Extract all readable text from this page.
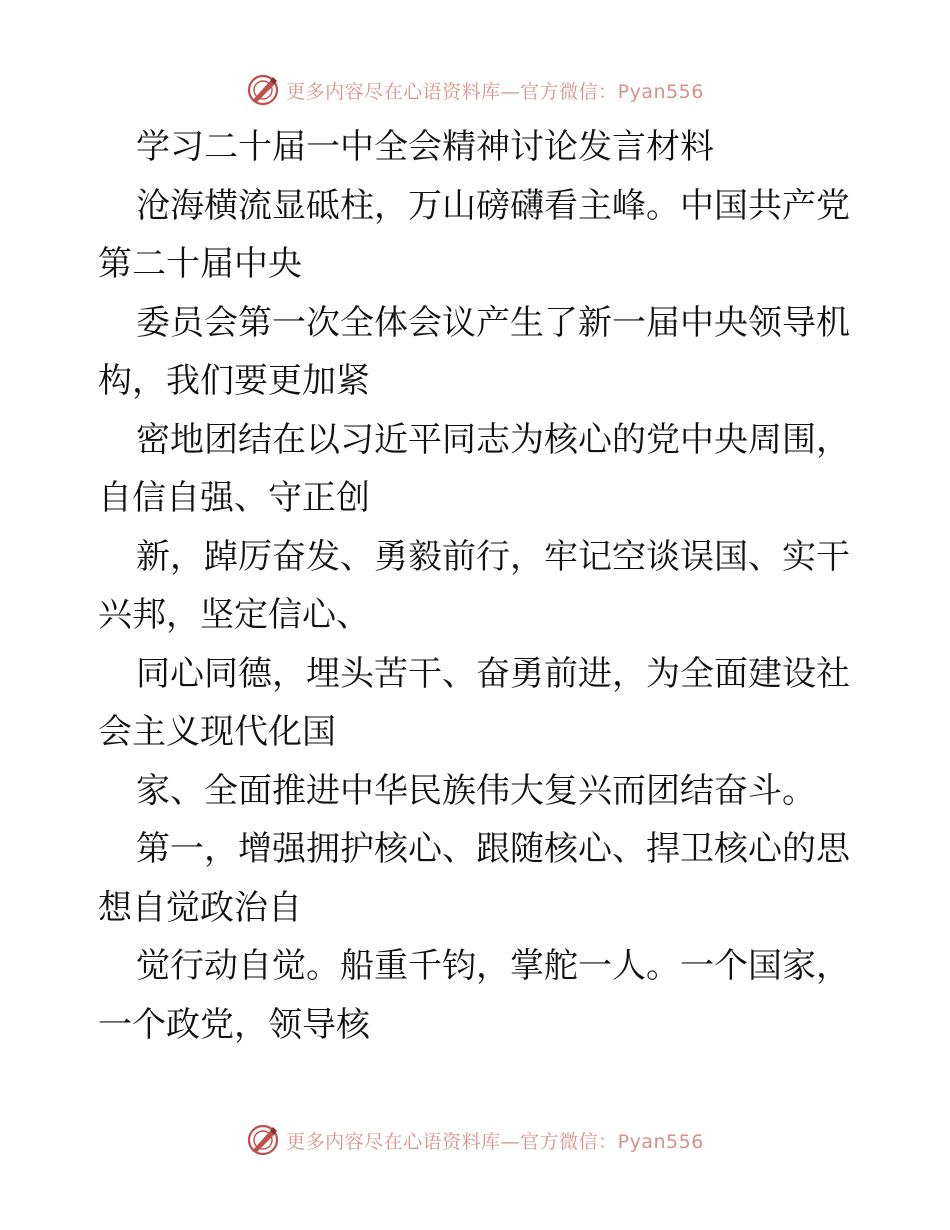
更多内容尽在心语资料库—官方微信：Pyan556

学习二十届一中全会精神讨论发言材料

沧海横流显砥柱，万山磅礴看主峰。中国共产党第二十届中央

委员会第一次全体会议产生了新一届中央领导机构，我们要更加紧

密地团结在以习近平同志为核心的党中央周围，自信自强、守正创

新，踔厉奋发、勇毅前行，牢记空谈误国、实干兴邦，坚定信心、

同心同德，埋头苦干、奋勇前进，为全面建设社会主义现代化国

家、全面推进中华民族伟大复兴而团结奋斗。

第一，增强拥护核心、跟随核心、捍卫核心的思想自觉政治自

觉行动自觉。船重千钧，掌舵一人。一个国家，一个政党，领导核

更多内容尽在心语资料库—官方微信：Pyan556
